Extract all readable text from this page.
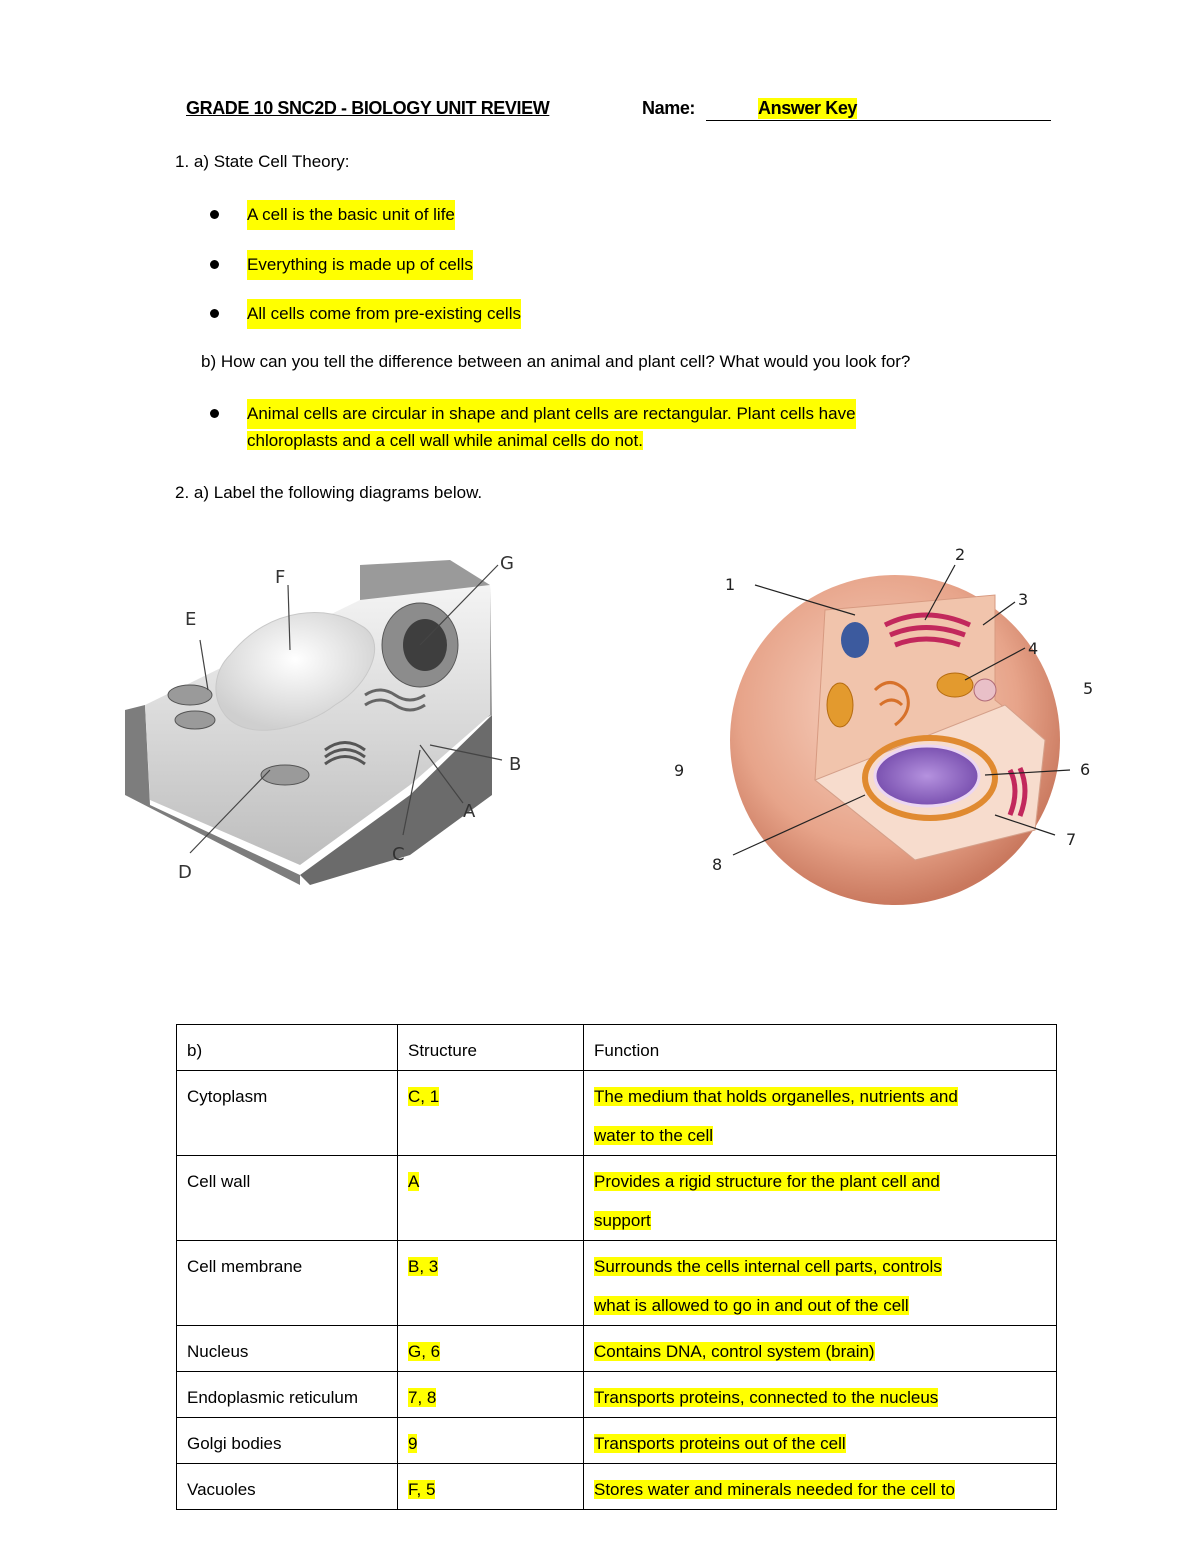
GRADE 10 SNC2D - BIOLOGY UNIT REVIEW	Name:	Answer Key
1. a) State Cell Theory:
A cell is the basic unit of life
Everything is made up of cells
All cells come from pre-existing cells
b) How can you tell the difference between an animal and plant cell? What would you look for?
Animal cells are circular in shape and plant cells are rectangular. Plant cells have
chloroplasts and a cell wall while animal cells do not.
2. a) Label the following diagrams below.
A
B
C
D
E
F
G
1
2
3
4
5
6
7
8
9
b)	Structure	Function
Cytoplasm	C, 1	The medium that holds organelles, nutrients and
water to the cell
Cell wall	A	Provides a rigid structure for the plant cell and
support
Cell membrane	B, 3	Surrounds the cells internal cell parts, controls
what is allowed to go in and out of the cell
Nucleus	G, 6	Contains DNA, control system (brain)
Endoplasmic reticulum	7, 8	Transports proteins, connected to the nucleus
Golgi bodies	9	Transports proteins out of the cell
Vacuoles	F, 5	Stores water and minerals needed for the cell to
